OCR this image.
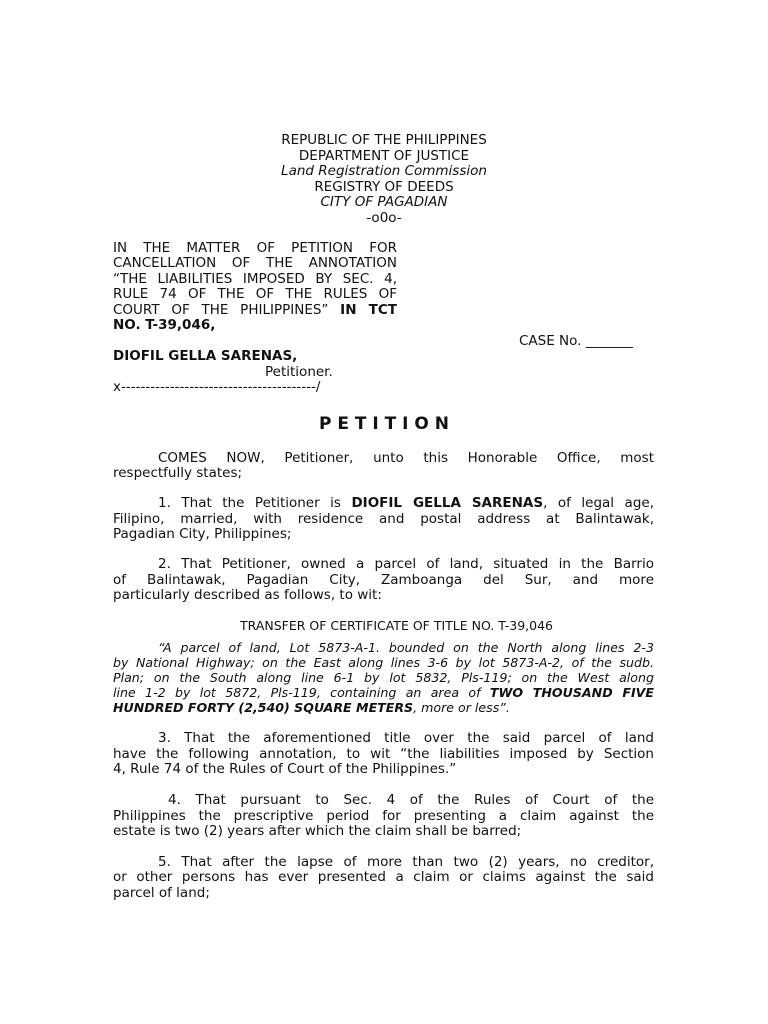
REPUBLIC OF THE PHILIPPINES
DEPARTMENT OF JUSTICE
Land Registration Commission
REGISTRY OF DEEDS
CITY OF PAGADIAN
-o0o-
IN THE MATTER OF PETITION FOR
CANCELLATION OF THE ANNOTATION
“THE LIABILITIES IMPOSED BY SEC. 4,
RULE 74 OF THE OF THE RULES OF
COURT OF THE PHILIPPINES” IN TCT
NO. T-39,046,
CASE No. _______
DIOFIL GELLA SARENAS,
Petitioner.
x----------------------------------------/
P E T I T I O N
COMES NOW, Petitioner, unto this Honorable Office, most
respectfully states;
1. That the Petitioner is DIOFIL GELLA SARENAS, of legal age,
Filipino, married, with residence and postal address at Balintawak,
Pagadian City, Philippines;
2. That Petitioner, owned a parcel of land, situated in the Barrio
of Balintawak, Pagadian City, Zamboanga del Sur, and more
particularly described as follows, to wit:
TRANSFER OF CERTIFICATE OF TITLE NO. T-39,046
“A parcel of land, Lot 5873-A-1. bounded on the North along lines 2-3
by National Highway; on the East along lines 3-6 by lot 5873-A-2, of the sudb.
Plan; on the South along line 6-1 by lot 5832, Pls-119; on the West along
line 1-2 by lot 5872, Pls-119, containing an area of TWO THOUSAND FIVE
HUNDRED FORTY (2,540) SQUARE METERS, more or less”.
3. That the aforementioned title over the said parcel of land
have the following annotation, to wit “the liabilities imposed by Section
4, Rule 74 of the Rules of Court of the Philippines.”
4. That pursuant to Sec. 4 of the Rules of Court of the
Philippines the prescriptive period for presenting a claim against the
estate is two (2) years after which the claim shall be barred;
5. That after the lapse of more than two (2) years, no creditor,
or other persons has ever presented a claim or claims against the said
parcel of land;
